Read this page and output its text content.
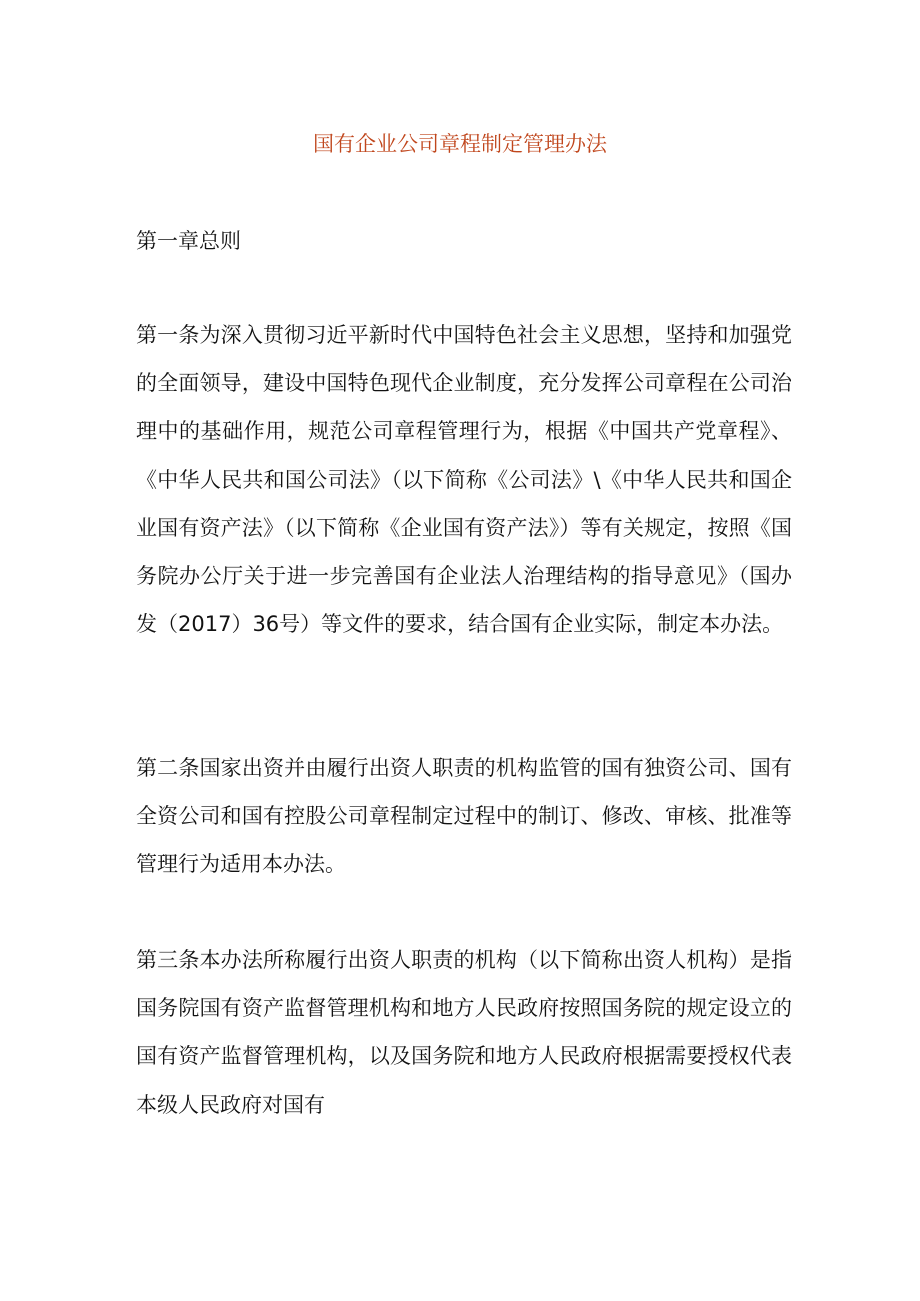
国有企业公司章程制定管理办法
第一章总则

第一条为深入贯彻习近平新时代中国特色社会主义思想，坚持和加强党的全面领导，建设中国特色现代企业制度，充分发挥公司章程在公司治理中的基础作用，规范公司章程管理行为，根据《中国共产党章程》、《中华人民共和国公司法》（以下简称《公司法》\《中华人民共和国企业国有资产法》（以下简称《企业国有资产法》）等有关规定，按照《国务院办公厅关于进一步完善国有企业法人治理结构的指导意见》（国办发（2017）36号）等文件的要求，结合国有企业实际，制定本办法。

第二条国家出资并由履行出资人职责的机构监管的国有独资公司、国有全资公司和国有控股公司章程制定过程中的制订、修改、审核、批准等管理行为适用本办法。

第三条本办法所称履行出资人职责的机构（以下简称出资人机构）是指国务院国有资产监督管理机构和地方人民政府按照国务院的规定设立的国有资产监督管理机构，以及国务院和地方人民政府根据需要授权代表本级人民政府对国有
